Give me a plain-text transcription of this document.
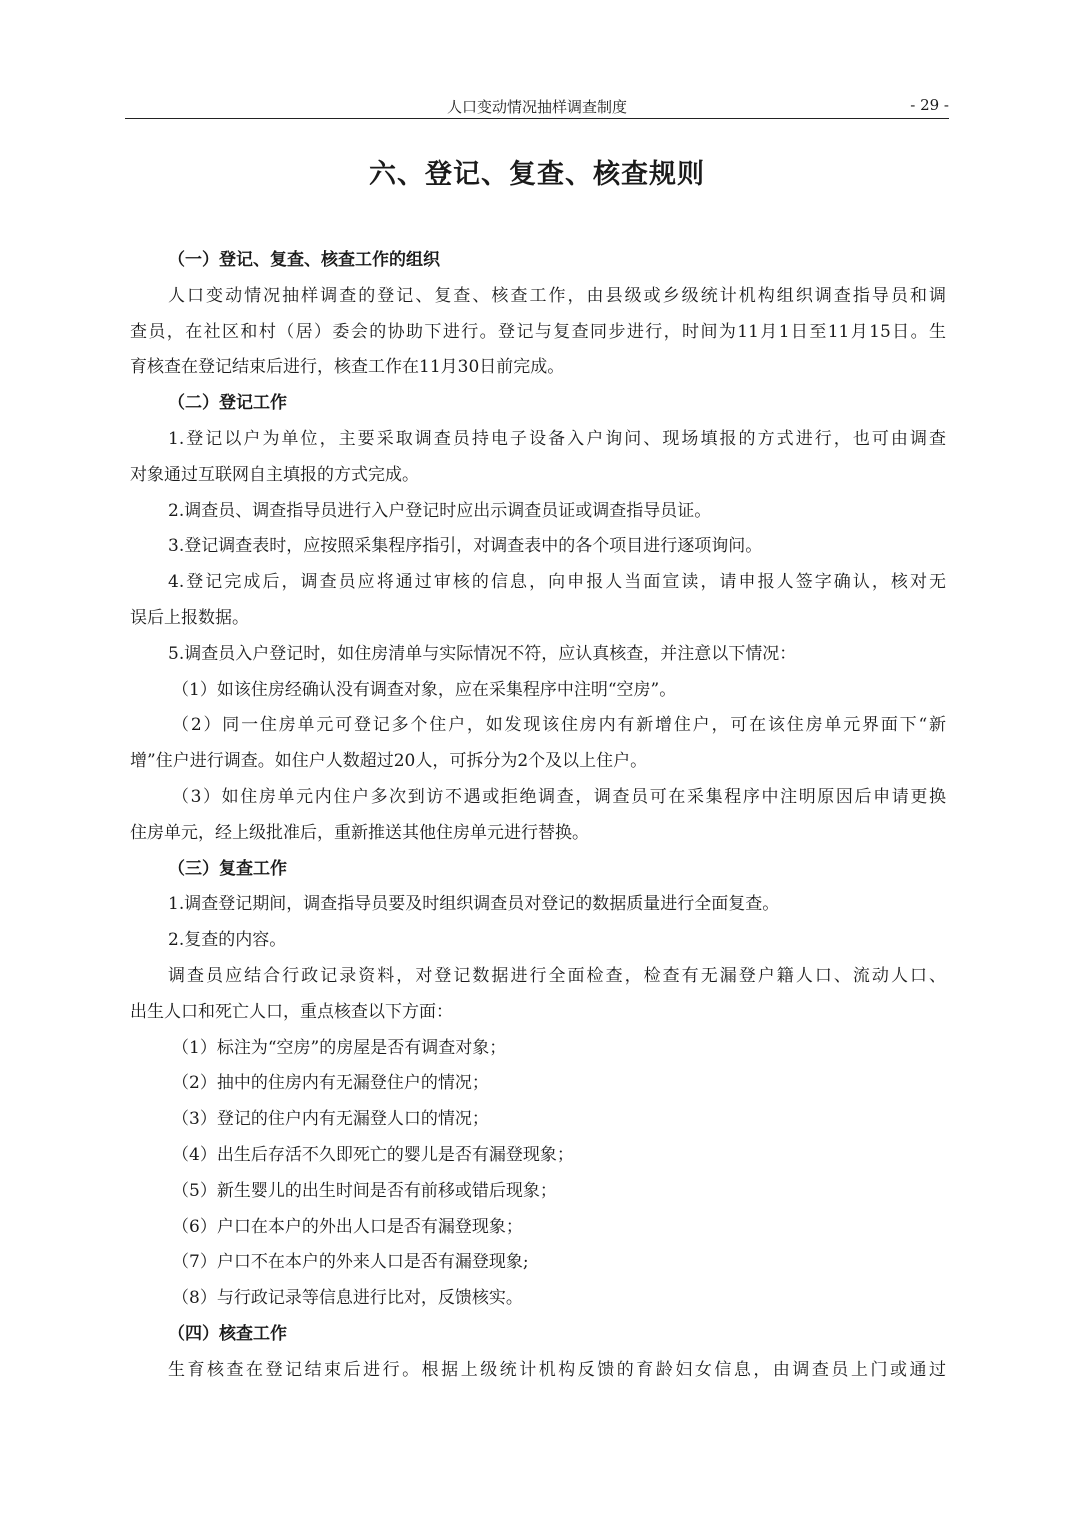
人口变动情况抽样调查制度	- 29 -
六、登记、复查、核查规则
（一）登记、复查、核查工作的组织
人口变动情况抽样调查的登记、复查、核查工作，由县级或乡级统计机构组织调查指导员和调
查员，在社区和村（居）委会的协助下进行。登记与复查同步进行，时间为11月1日至11月15日。生
育核查在登记结束后进行，核查工作在11月30日前完成。
（二）登记工作
1.登记以户为单位，主要采取调查员持电子设备入户询问、现场填报的方式进行，也可由调查
对象通过互联网自主填报的方式完成。
2.调查员、调查指导员进行入户登记时应出示调查员证或调查指导员证。
3.登记调查表时，应按照采集程序指引，对调查表中的各个项目进行逐项询问。
4.登记完成后，调查员应将通过审核的信息，向申报人当面宣读，请申报人签字确认，核对无
误后上报数据。
5.调查员入户登记时，如住房清单与实际情况不符，应认真核查，并注意以下情况：
（1）如该住房经确认没有调查对象，应在采集程序中注明“空房”。
（2）同一住房单元可登记多个住户，如发现该住房内有新增住户，可在该住房单元界面下“新
增”住户进行调查。如住户人数超过20人，可拆分为2个及以上住户。
（3）如住房单元内住户多次到访不遇或拒绝调查，调查员可在采集程序中注明原因后申请更换
住房单元，经上级批准后，重新推送其他住房单元进行替换。
（三）复查工作
1.调查登记期间，调查指导员要及时组织调查员对登记的数据质量进行全面复查。
2.复查的内容。
调查员应结合行政记录资料，对登记数据进行全面检查，检查有无漏登户籍人口、流动人口、
出生人口和死亡人口，重点核查以下方面：
（1）标注为“空房”的房屋是否有调查对象；
（2）抽中的住房内有无漏登住户的情况；
（3）登记的住户内有无漏登人口的情况；
（4）出生后存活不久即死亡的婴儿是否有漏登现象；
（5）新生婴儿的出生时间是否有前移或错后现象；
（6）户口在本户的外出人口是否有漏登现象；
（7）户口不在本户的外来人口是否有漏登现象;
（8）与行政记录等信息进行比对，反馈核实。
（四）核查工作
生育核查在登记结束后进行。根据上级统计机构反馈的育龄妇女信息，由调查员上门或通过
